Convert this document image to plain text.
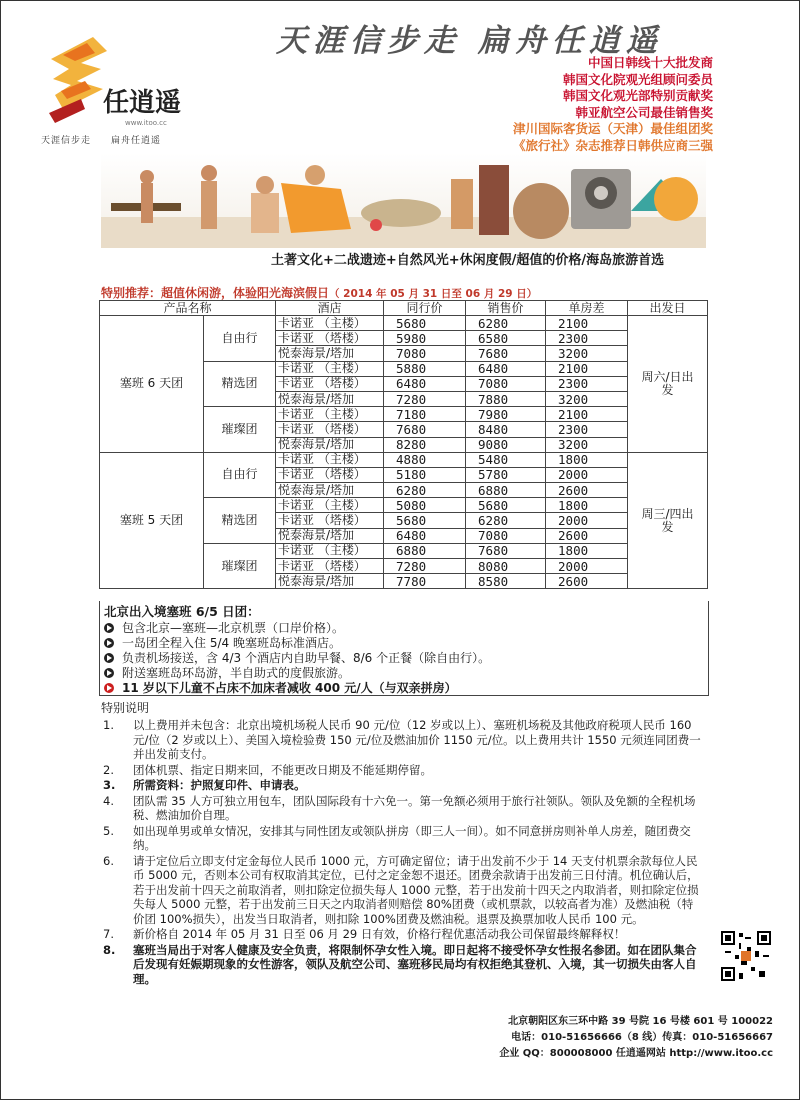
任逍遥
www.itoo.cc
天涯信步走　　扁舟任逍遥
天涯信步走 扁舟任逍遥
中国日韩线十大批发商
韩国文化院观光组顾问委员
韩国文化观光部特别贡献奖
韩亚航空公司最佳销售奖
津川国际客货运（天津）最佳组团奖
《旅行社》杂志推荐日韩供应商三强
土著文化+二战遗迹+自然风光+休闲度假/超值的价格/海岛旅游首选
特别推荐：超值休闲游，体验阳光海滨假日（ 2014 年 05 月 31 日至 06 月 29 日）
产品名称		酒店	同行价	销售价	单房差	出发日
塞班 6 天团	自由行	卡诺亚 （主楼）	5680	6280	2100	周六/日出发
		卡诺亚 （塔楼）	5980	6580	2300	
		悦泰海景/塔加	7080	7680	3200	
	精选团	卡诺亚 （主楼）	5880	6480	2100	
		卡诺亚 （塔楼）	6480	7080	2300	
		悦泰海景/塔加	7280	7880	3200	
	璀璨团	卡诺亚 （主楼）	7180	7980	2100	
		卡诺亚 （塔楼）	7680	8480	2300	
		悦泰海景/塔加	8280	9080	3200	
塞班 5 天团	自由行	卡诺亚 （主楼）	4880	5480	1800	周三/四出发
		卡诺亚 （塔楼）	5180	5780	2000	
		悦泰海景/塔加	6280	6880	2600	
	精选团	卡诺亚 （主楼）	5080	5680	1800	
		卡诺亚 （塔楼）	5680	6280	2000	
		悦泰海景/塔加	6480	7080	2600	
	璀璨团	卡诺亚 （主楼）	6880	7680	1800	
		卡诺亚 （塔楼）	7280	8080	2000	
		悦泰海景/塔加	7780	8580	2600	
北京出入境塞班 6/5 日团：
包含北京—塞班—北京机票（口岸价格）。
一岛团全程入住 5/4 晚塞班岛标准酒店。
负责机场接送，含 4/3 个酒店内自助早餐、8/6 个正餐（除自由行）。
附送塞班岛环岛游，半自助式的度假旅游。
11 岁以下儿童不占床不加床者减收 400 元/人（与双亲拼房）
特别说明
1. 以上费用并未包含：北京出境机场税人民币 90 元/位（12 岁或以上）、塞班机场税及其他政府税项人民币 160 元/位（2 岁或以上）、美国入境检验费 150 元/位及燃油加价 1150 元/位。以上费用共计 1550 元须连同团费一并出发前支付。
2. 团体机票、指定日期来回，不能更改日期及不能延期停留。
3. 所需资料：护照复印件、申请表。
4. 团队需 35 人方可独立用包车，团队国际段有十六免一。第一免额必须用于旅行社领队。领队及免额的全程机场税、燃油加价自理。
5. 如出现单男或单女情况，安排其与同性团友或领队拼房（即三人一间）。如不同意拼房则补单人房差，随团费交纳。
6. 请于定位后立即支付定金每位人民币 1000 元，方可确定留位；请于出发前不少于 14 天支付机票余款每位人民币 5000 元，否则本公司有权取消其定位，已付之定金恕不退还。团费余款请于出发前三日付清。机位确认后，若于出发前十四天之前取消者，则扣除定位损失每人 1000 元整，若于出发前十四天之内取消者，则扣除定位损失每人 5000 元整，若于出发前三日天之内取消者则赔偿 80%团费（或机票款，以较高者为准）及燃油税（特价团 100%损失），出发当日取消者，则扣除 100%团费及燃油税。退票及换票加收人民币 100 元。
7. 新价格自 2014 年 05 月 31 日至 06 月 29 日有效，价格行程优惠活动我公司保留最终解释权！
8. 塞班当局出于对客人健康及安全负责，将限制怀孕女性入境。即日起将不接受怀孕女性报名参团。如在团队集合后发现有妊娠期现象的女性游客，领队及航空公司、塞班移民局均有权拒绝其登机、入境，其一切损失由客人自理。
北京朝阳区东三环中路 39 号院 16 号楼 601 号 100022
电话：010-51656666（8 线）传真：010-51656667
企业 QQ：800008000 任逍遥网站 http://www.itoo.cc
